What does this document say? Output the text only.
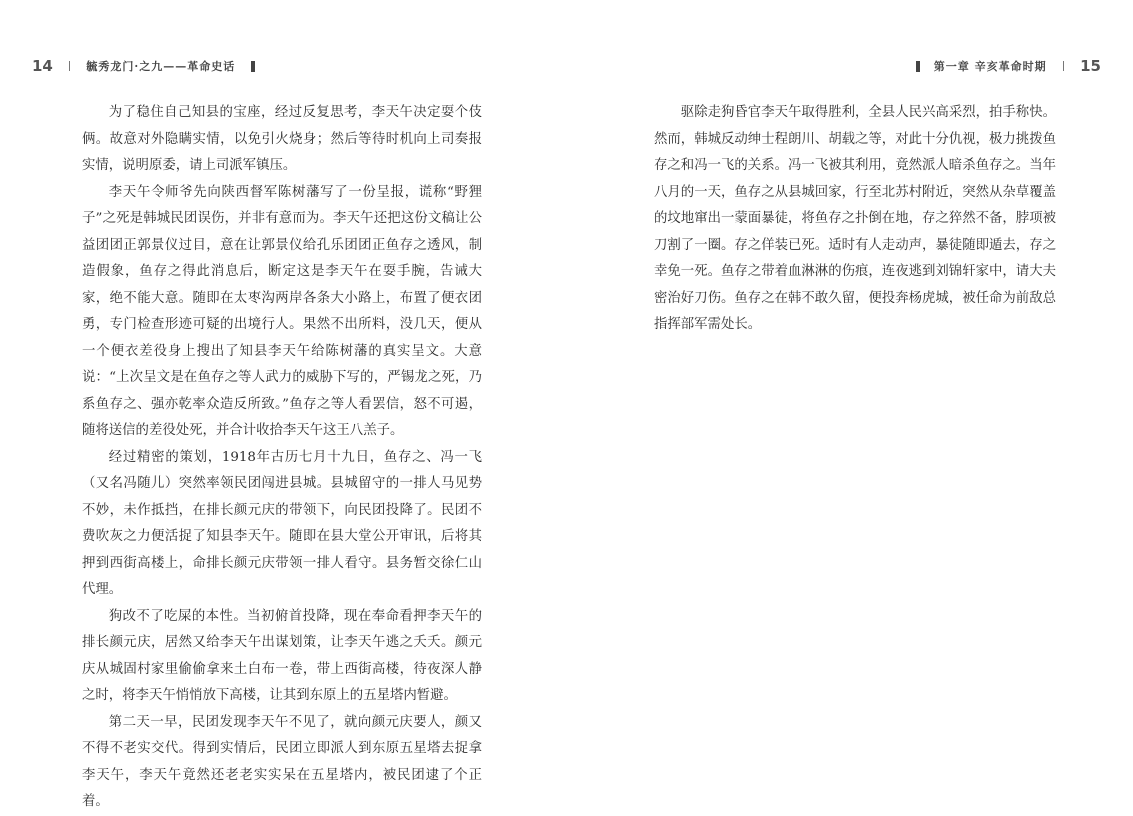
14	毓秀龙门·之九——革命史话

为了稳住自己知县的宝座，经过反复思考，李天午决定耍个伎俩。故意对外隐瞒实情，以免引火烧身；然后等待时机向上司奏报实情，说明原委，请上司派军镇压。

李天午令师爷先向陕西督军陈树藩写了一份呈报，谎称“野狸子”之死是韩城民团误伤，并非有意而为。李天午还把这份文稿让公益团团正郭景仪过目，意在让郭景仪给孔乐团团正鱼存之透风，制造假象，鱼存之得此消息后，断定这是李天午在耍手腕，告诫大家，绝不能大意。随即在太枣沟两岸各条大小路上，布置了便衣团勇，专门检查形迹可疑的出境行人。果然不出所料，没几天，便从一个便衣差役身上搜出了知县李天午给陈树藩的真实呈文。大意说：“上次呈文是在鱼存之等人武力的威胁下写的，严锡龙之死，乃系鱼存之、强亦乾率众造反所致。”鱼存之等人看罢信，怒不可遏，随将送信的差役处死，并合计收拾李天午这王八羔子。

经过精密的策划，1918年古历七月十九日，鱼存之、冯一飞（又名冯随儿）突然率领民团闯进县城。县城留守的一排人马见势不妙，未作抵挡，在排长颜元庆的带领下，向民团投降了。民团不费吹灰之力便活捉了知县李天午。随即在县大堂公开审讯，后将其押到西街高楼上，命排长颜元庆带领一排人看守。县务暂交徐仁山代理。

狗改不了吃屎的本性。当初俯首投降，现在奉命看押李天午的排长颜元庆，居然又给李天午出谋划策，让李天午逃之夭夭。颜元庆从城固村家里偷偷拿来土白布一卷，带上西街高楼，待夜深人静之时，将李天午悄悄放下高楼，让其到东原上的五星塔内暂避。

第二天一早，民团发现李天午不见了，就向颜元庆要人，颜又不得不老实交代。得到实情后，民团立即派人到东原五星塔去捉拿李天午，李天午竟然还老老实实呆在五星塔内，被民团逮了个正着。

第一章 辛亥革命时期 15

驱除走狗昏官李天午取得胜利，全县人民兴高采烈，拍手称快。然而，韩城反动绅士程朗川、胡载之等，对此十分仇视，极力挑拨鱼存之和冯一飞的关系。冯一飞被其利用，竟然派人暗杀鱼存之。当年八月的一天，鱼存之从县城回家，行至北苏村附近，突然从杂草覆盖的坟地窜出一蒙面暴徒，将鱼存之扑倒在地，存之猝然不备，脖项被刀割了一圈。存之佯装已死。适时有人走动声，暴徒随即遁去，存之幸免一死。鱼存之带着血淋淋的伤痕，连夜逃到刘锦轩家中，请大夫密治好刀伤。鱼存之在韩不敢久留，便投奔杨虎城，被任命为前敌总指挥部军需处长。
